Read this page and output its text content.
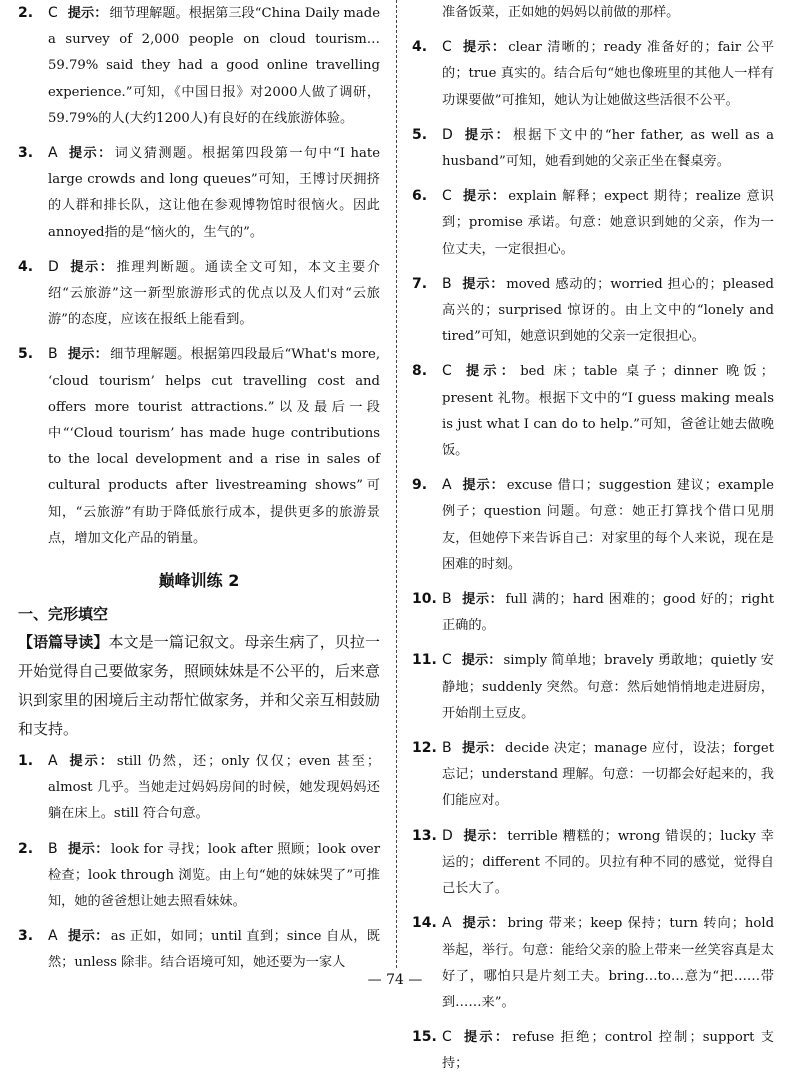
2. C 提示： 细节理解题。根据第三段“China Daily made a survey of 2,000 people on cloud tourism… 59.79% said they had a good online travelling experience.”可知，《中国日报》对2000人做了调研，59.79%的人(大约1200人)有良好的在线旅游体验。
3. A 提示： 词义猜测题。根据第四段第一句中“I hate large crowds and long queues”可知，王博讨厌拥挤的人群和排长队，这让他在参观博物馆时很恼火。因此annoyed指的是“恼火的，生气的”。
4. D 提示： 推理判断题。通读全文可知，本文主要介绍“云旅游”这一新型旅游形式的优点以及人们对“云旅游”的态度，应该在报纸上能看到。
5. B 提示： 细节理解题。根据第四段最后“What's more, ‘cloud tourism’ helps cut travelling cost and offers more tourist attractions.”以及最后一段中“‘Cloud tourism’ has made huge contributions to the local development and a rise in sales of cultural products after livestreaming shows”可知，“云旅游”有助于降低旅行成本，提供更多的旅游景点，增加文化产品的销量。
巅峰训练 2
一、完形填空
【语篇导读】本文是一篇记叙文。母亲生病了，贝拉一开始觉得自己要做家务，照顾妹妹是不公平的，后来意识到家里的困境后主动帮忙做家务，并和父亲互相鼓励和支持。
1. A 提示： still 仍然，还；only 仅仅；even 甚至；almost 几乎。当她走过妈妈房间的时候，她发现妈妈还躺在床上。still 符合句意。
2. B 提示： look for 寻找；look after 照顾；look over 检查；look through 浏览。由上句“她的妹妹哭了”可推知，她的爸爸想让她去照看妹妹。
3. A 提示： as 正如，如同；until 直到；since 自从，既然；unless 除非。结合语境可知，她还要为一家人
准备饭菜，正如她的妈妈以前做的那样。
4. C 提示： clear 清晰的；ready 准备好的；fair 公平的；true 真实的。结合后句“她也像班里的其他人一样有功课要做”可推知，她认为让她做这些活很不公平。
5. D 提示： 根据下文中的“her father, as well as a husband”可知，她看到她的父亲正坐在餐桌旁。
6. C 提示： explain 解释；expect 期待；realize 意识到；promise 承诺。句意：她意识到她的父亲，作为一位丈夫，一定很担心。
7. B 提示： moved 感动的；worried 担心的；pleased 高兴的；surprised 惊讶的。由上文中的“lonely and tired”可知，她意识到她的父亲一定很担心。
8. C 提示： bed 床；table 桌子；dinner 晚饭；present 礼物。根据下文中的“I guess making meals is just what I can do to help.”可知，爸爸让她去做晚饭。
9. A 提示： excuse 借口；suggestion 建议；example 例子；question 问题。句意：她正打算找个借口见朋友，但她停下来告诉自己：对家里的每个人来说，现在是困难的时刻。
10. B 提示： full 满的；hard 困难的；good 好的；right 正确的。
11. C 提示： simply 简单地；bravely 勇敢地；quietly 安静地；suddenly 突然。句意：然后她悄悄地走进厨房，开始削土豆皮。
12. B 提示： decide 决定；manage 应付，设法；forget 忘记；understand 理解。句意：一切都会好起来的，我们能应对。
13. D 提示： terrible 糟糕的；wrong 错误的；lucky 幸运的；different 不同的。贝拉有种不同的感觉，觉得自己长大了。
14. A 提示： bring 带来；keep 保持；turn 转向；hold 举起，举行。句意：能给父亲的脸上带来一丝笑容真是太好了，哪怕只是片刻工夫。bring…to…意为“把……带到……来”。
15. C 提示： refuse 拒绝；control 控制；support 支持；
— 74 —
